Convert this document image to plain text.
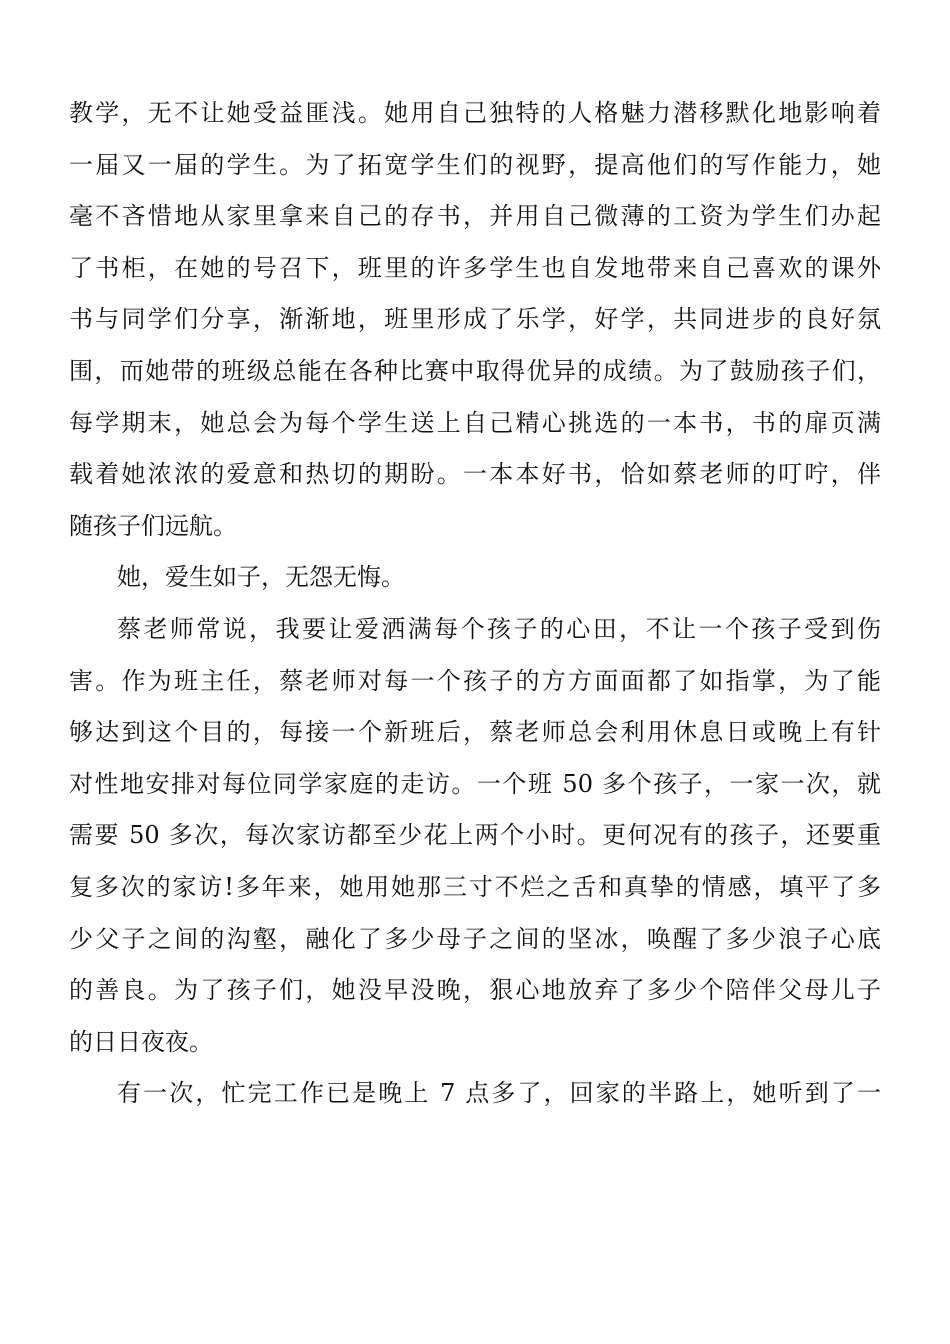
教学，无不让她受益匪浅。她用自己独特的人格魅力潜移默化地影响着

一届又一届的学生。为了拓宽学生们的视野，提高他们的写作能力，她

毫不吝惜地从家里拿来自己的存书，并用自己微薄的工资为学生们办起

了书柜，在她的号召下，班里的许多学生也自发地带来自己喜欢的课外

书与同学们分享，渐渐地，班里形成了乐学，好学，共同进步的良好氛

围，而她带的班级总能在各种比赛中取得优异的成绩。为了鼓励孩子们，

每学期末，她总会为每个学生送上自己精心挑选的一本书，书的扉页满

载着她浓浓的爱意和热切的期盼。一本本好书，恰如蔡老师的叮咛，伴

随孩子们远航。

她，爱生如子，无怨无悔。

蔡老师常说，我要让爱洒满每个孩子的心田，不让一个孩子受到伤

害。作为班主任，蔡老师对每一个孩子的方方面面都了如指掌，为了能

够达到这个目的，每接一个新班后，蔡老师总会利用休息日或晚上有针

对性地安排对每位同学家庭的走访。一个班 50 多个孩子，一家一次，就

需要 50 多次，每次家访都至少花上两个小时。更何况有的孩子，还要重

复多次的家访!多年来，她用她那三寸不烂之舌和真挚的情感，填平了多

少父子之间的沟壑，融化了多少母子之间的坚冰，唤醒了多少浪子心底

的善良。为了孩子们，她没早没晚，狠心地放弃了多少个陪伴父母儿子

的日日夜夜。

有一次，忙完工作已是晚上 7 点多了，回家的半路上，她听到了一
